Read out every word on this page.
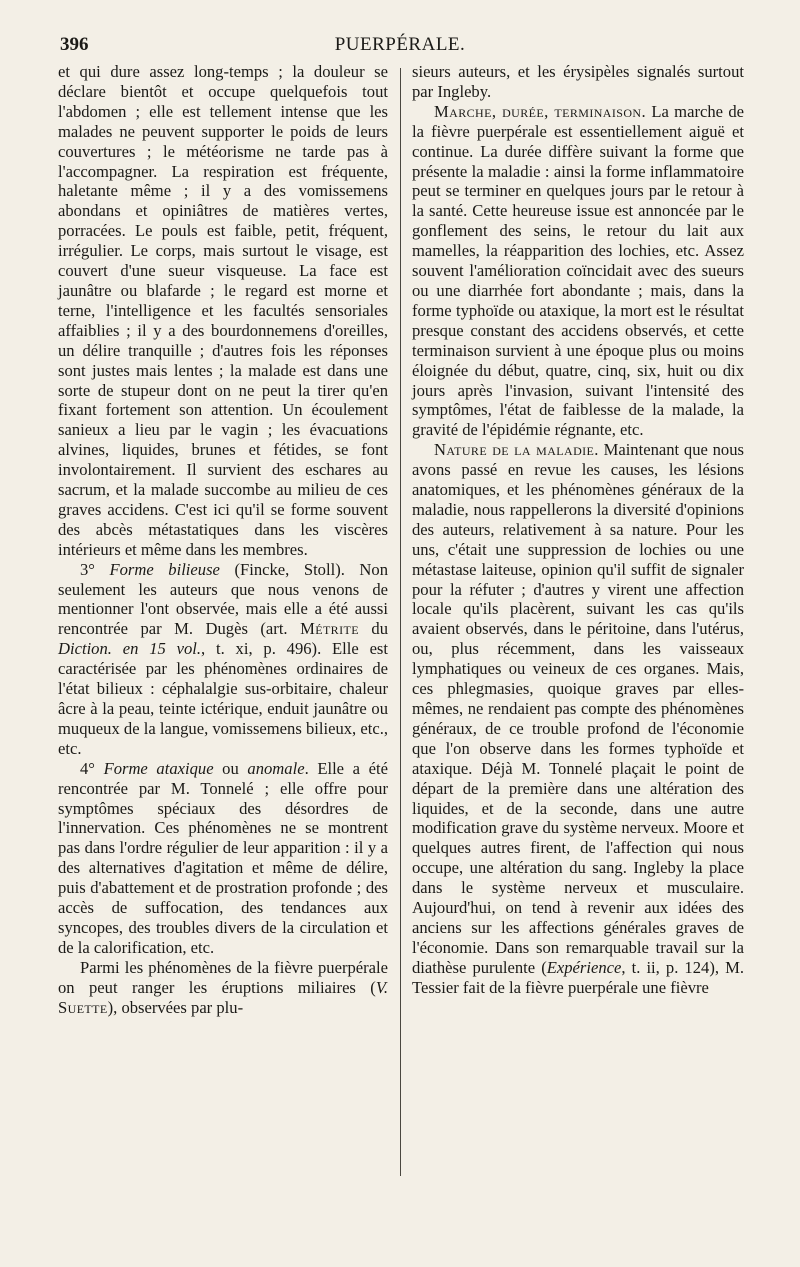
396	PUERPÉRALE.

et qui dure assez long-temps ; la douleur se déclare bientôt et occupe quelquefois tout l'abdomen ; elle est tellement intense que les malades ne peuvent supporter le poids de leurs couvertures ; le météorisme ne tarde pas à l'accompagner. La respiration est fréquente, haletante même ; il y a des vomissemens abondans et opiniâtres de matières vertes, porracées. Le pouls est faible, petit, fréquent, irrégulier. Le corps, mais surtout le visage, est couvert d'une sueur visqueuse. La face est jaunâtre ou blafarde ; le regard est morne et terne, l'intelligence et les facultés sensoriales affaiblies ; il y a des bourdonnemens d'oreilles, un délire tranquille ; d'autres fois les réponses sont justes mais lentes ; la malade est dans une sorte de stupeur dont on ne peut la tirer qu'en fixant fortement son attention. Un écoulement sanieux a lieu par le vagin ; les évacuations alvines, liquides, brunes et fétides, se font involontairement. Il survient des eschares au sacrum, et la malade succombe au milieu de ces graves accidens. C'est ici qu'il se forme souvent des abcès métastatiques dans les viscères intérieurs et même dans les membres.

3° Forme bilieuse (Fincke, Stoll). Non seulement les auteurs que nous venons de mentionner l'ont observée, mais elle a été aussi rencontrée par M. Dugès (art. Métrite du Diction. en 15 vol., t. xi, p. 496). Elle est caractérisée par les phénomènes ordinaires de l'état bilieux : céphalalgie sus-orbitaire, chaleur âcre à la peau, teinte ictérique, enduit jaunâtre ou muqueux de la langue, vomissemens bilieux, etc., etc.

4° Forme ataxique ou anomale. Elle a été rencontrée par M. Tonnelé ; elle offre pour symptômes spéciaux des désordres de l'innervation. Ces phénomènes ne se montrent pas dans l'ordre régulier de leur apparition : il y a des alternatives d'agitation et même de délire, puis d'abattement et de prostration profonde ; des accès de suffocation, des tendances aux syncopes, des troubles divers de la circulation et de la calorification, etc.

Parmi les phénomènes de la fièvre puerpérale on peut ranger les éruptions miliaires (V. Suette), observées par plu-

sieurs auteurs, et les érysipèles signalés surtout par Ingleby.

Marche, durée, terminaison. La marche de la fièvre puerpérale est essentiellement aiguë et continue. La durée diffère suivant la forme que présente la maladie : ainsi la forme inflammatoire peut se terminer en quelques jours par le retour à la santé. Cette heureuse issue est annoncée par le gonflement des seins, le retour du lait aux mamelles, la réapparition des lochies, etc. Assez souvent l'amélioration coïncidait avec des sueurs ou une diarrhée fort abondante ; mais, dans la forme typhoïde ou ataxique, la mort est le résultat presque constant des accidens observés, et cette terminaison survient à une époque plus ou moins éloignée du début, quatre, cinq, six, huit ou dix jours après l'invasion, suivant l'intensité des symptômes, l'état de faiblesse de la malade, la gravité de l'épidémie régnante, etc.

Nature de la maladie. Maintenant que nous avons passé en revue les causes, les lésions anatomiques, et les phénomènes généraux de la maladie, nous rappellerons la diversité d'opinions des auteurs, relativement à sa nature. Pour les uns, c'était une suppression de lochies ou une métastase laiteuse, opinion qu'il suffit de signaler pour la réfuter ; d'autres y virent une affection locale qu'ils placèrent, suivant les cas qu'ils avaient observés, dans le péritoine, dans l'utérus, ou, plus récemment, dans les vaisseaux lymphatiques ou veineux de ces organes. Mais, ces phlegmasies, quoique graves par elles-mêmes, ne rendaient pas compte des phénomènes généraux, de ce trouble profond de l'économie que l'on observe dans les formes typhoïde et ataxique. Déjà M. Tonnelé plaçait le point de départ de la première dans une altération des liquides, et de la seconde, dans une autre modification grave du système nerveux. Moore et quelques autres firent, de l'affection qui nous occupe, une altération du sang. Ingleby la place dans le système nerveux et musculaire. Aujourd'hui, on tend à revenir aux idées des anciens sur les affections générales graves de l'économie. Dans son remarquable travail sur la diathèse purulente (Expérience, t. ii, p. 124), M. Tessier fait de la fièvre puerpérale une fièvre
